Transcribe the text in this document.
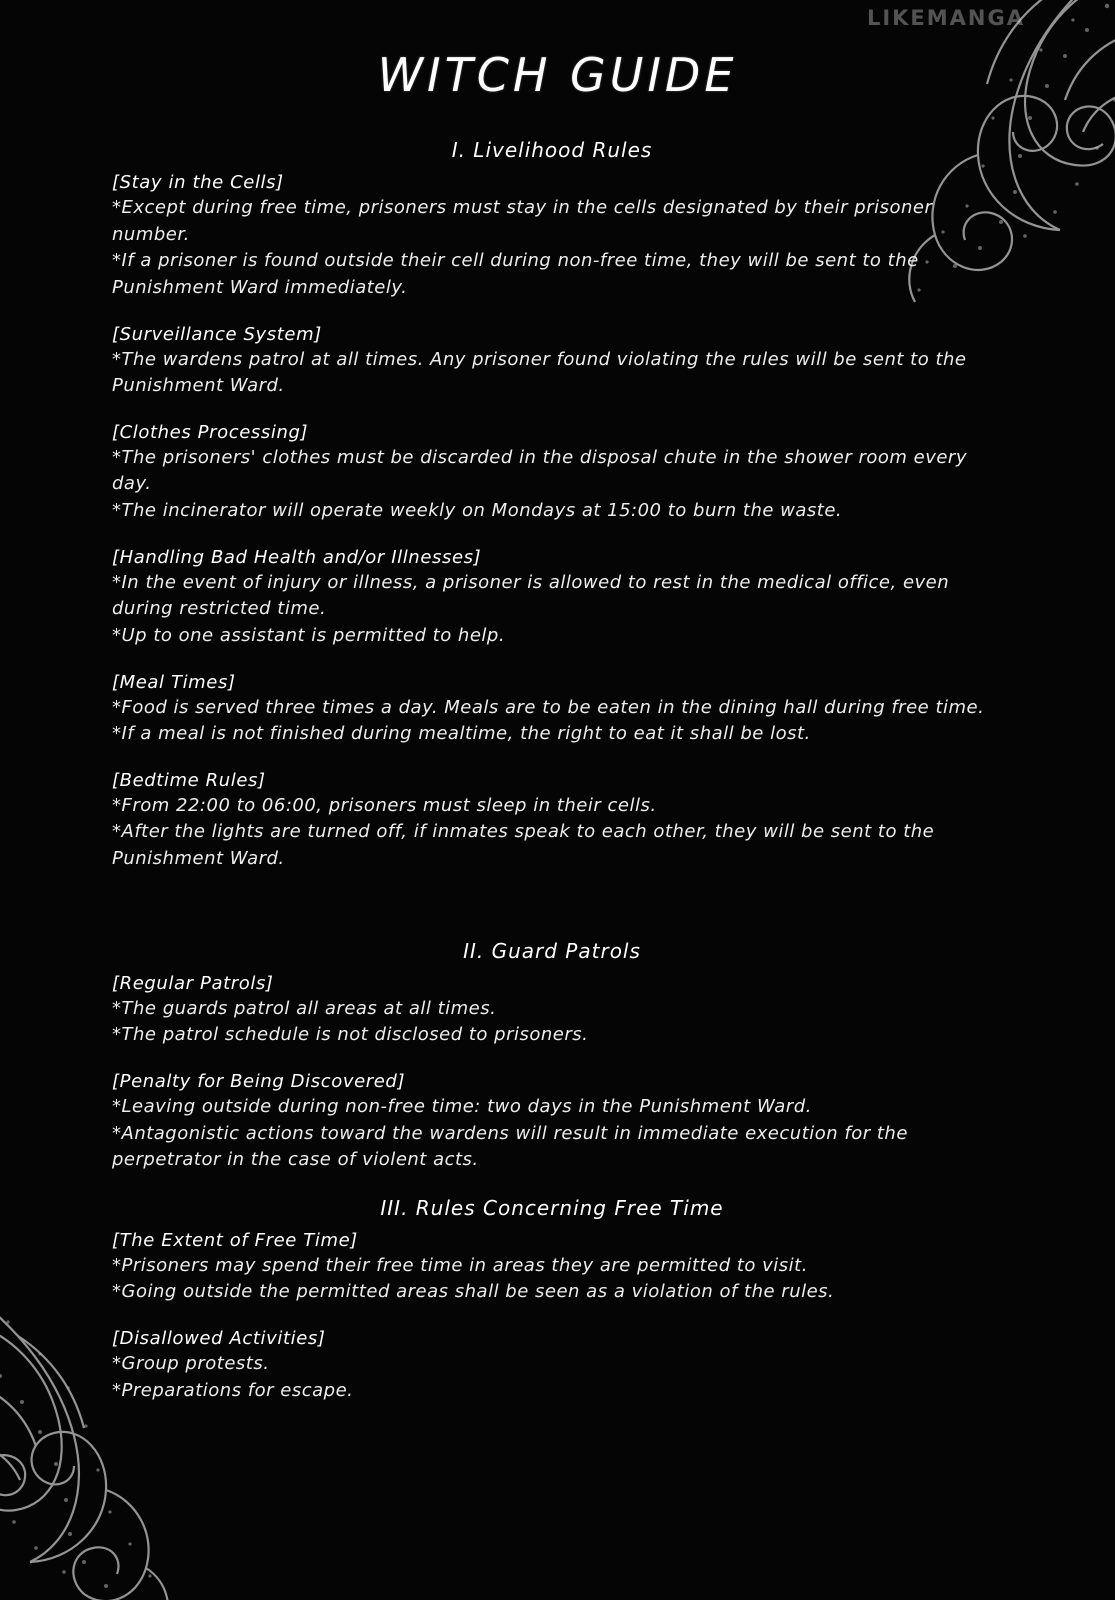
LIKEMANGA
WITCH GUIDE
I. Livelihood Rules
[Stay in the Cells]

*Except during free time, prisoners must stay in the cells designated by their prisoner number.

*If a prisoner is found outside their cell during non-free time, they will be sent to the Punishment Ward immediately.

[Surveillance System]

*The wardens patrol at all times. Any prisoner found violating the rules will be sent to the Punishment Ward.

[Clothes Processing]

*The prisoners' clothes must be discarded in the disposal chute in the shower room every day.

*The incinerator will operate weekly on Mondays at 15:00 to burn the waste.

[Handling Bad Health and/or Illnesses]

*In the event of injury or illness, a prisoner is allowed to rest in the medical office, even during restricted time.

*Up to one assistant is permitted to help.

[Meal Times]

*Food is served three times a day. Meals are to be eaten in the dining hall during free time.

*If a meal is not finished during mealtime, the right to eat it shall be lost.

[Bedtime Rules]

*From 22:00 to 06:00, prisoners must sleep in their cells.

*After the lights are turned off, if inmates speak to each other, they will be sent to the Punishment Ward.

II. Guard Patrols
[Regular Patrols]

*The guards patrol all areas at all times.

*The patrol schedule is not disclosed to prisoners.

[Penalty for Being Discovered]

*Leaving outside during non-free time: two days in the Punishment Ward.

*Antagonistic actions toward the wardens will result in immediate execution for the perpetrator in the case of violent acts.

III. Rules Concerning Free Time
[The Extent of Free Time]

*Prisoners may spend their free time in areas they are permitted to visit.

*Going outside the permitted areas shall be seen as a violation of the rules.

[Disallowed Activities]

*Group protests.

*Preparations for escape.
